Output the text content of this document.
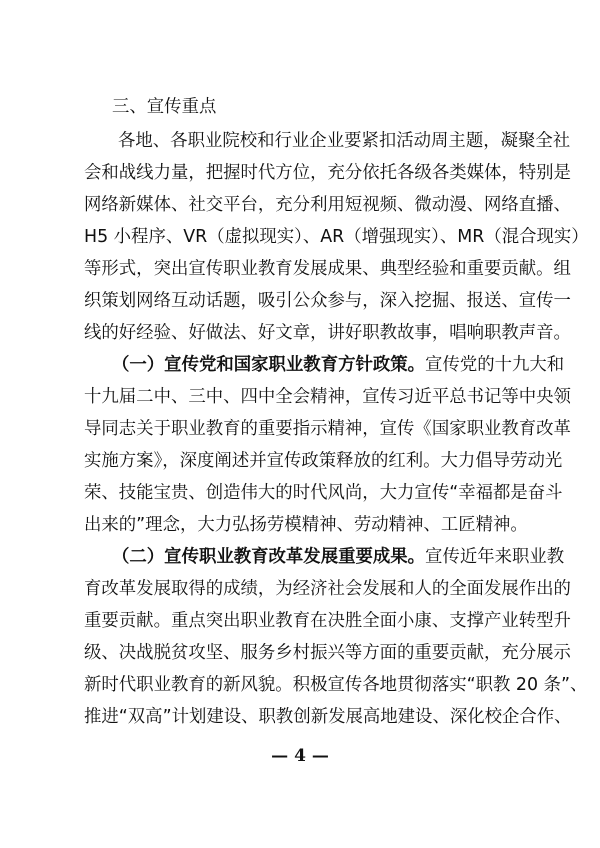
三、宣传重点
各地、各职业院校和行业企业要紧扣活动周主题，凝聚全社
会和战线力量，把握时代方位，充分依托各级各类媒体，特别是
网络新媒体、社交平台，充分利用短视频、微动漫、网络直播、
H5 小程序、VR（虚拟现实）、AR（增强现实）、MR（混合现实）
等形式，突出宣传职业教育发展成果、典型经验和重要贡献。组
织策划网络互动话题，吸引公众参与，深入挖掘、报送、宣传一
线的好经验、好做法、好文章，讲好职教故事，唱响职教声音。
（一）宣传党和国家职业教育方针政策。宣传党的十九大和
十九届二中、三中、四中全会精神，宣传习近平总书记等中央领
导同志关于职业教育的重要指示精神，宣传《国家职业教育改革
实施方案》，深度阐述并宣传政策释放的红利。大力倡导劳动光
荣、技能宝贵、创造伟大的时代风尚，大力宣传“幸福都是奋斗
出来的”理念，大力弘扬劳模精神、劳动精神、工匠精神。
（二）宣传职业教育改革发展重要成果。宣传近年来职业教
育改革发展取得的成绩，为经济社会发展和人的全面发展作出的
重要贡献。重点突出职业教育在决胜全面小康、支撑产业转型升
级、决战脱贫攻坚、服务乡村振兴等方面的重要贡献，充分展示
新时代职业教育的新风貌。积极宣传各地贯彻落实“职教 20 条”、
推进“双高”计划建设、职教创新发展高地建设、深化校企合作、
— 4 —
